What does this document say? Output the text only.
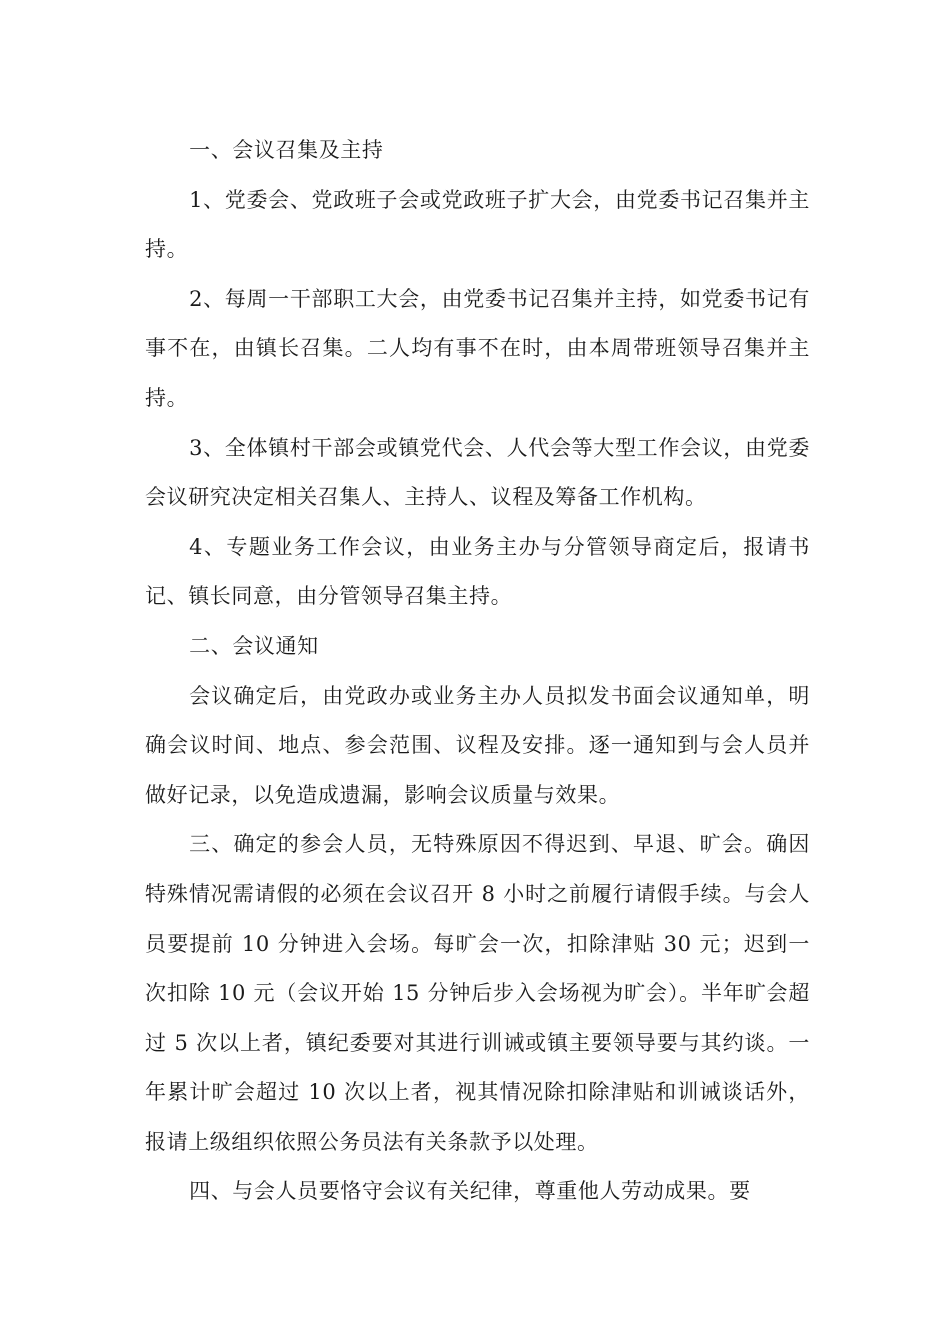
一、会议召集及主持

1、党委会、党政班子会或党政班子扩大会，由党委书记召集并主持。

2、每周一干部职工大会，由党委书记召集并主持，如党委书记有事不在，由镇长召集。二人均有事不在时，由本周带班领导召集并主持。

3、全体镇村干部会或镇党代会、人代会等大型工作会议，由党委会议研究决定相关召集人、主持人、议程及筹备工作机构。

4、专题业务工作会议，由业务主办与分管领导商定后，报请书记、镇长同意，由分管领导召集主持。

二、会议通知

会议确定后，由党政办或业务主办人员拟发书面会议通知单，明确会议时间、地点、参会范围、议程及安排。逐一通知到与会人员并做好记录，以免造成遗漏，影响会议质量与效果。

三、确定的参会人员，无特殊原因不得迟到、早退、旷会。确因特殊情况需请假的必须在会议召开 8 小时之前履行请假手续。与会人员要提前 10 分钟进入会场。每旷会一次，扣除津贴 30 元；迟到一次扣除 10 元（会议开始 15 分钟后步入会场视为旷会）。半年旷会超过 5 次以上者，镇纪委要对其进行训诫或镇主要领导要与其约谈。一年累计旷会超过 10 次以上者，视其情况除扣除津贴和训诫谈话外，报请上级组织依照公务员法有关条款予以处理。

四、与会人员要恪守会议有关纪律，尊重他人劳动成果。要
